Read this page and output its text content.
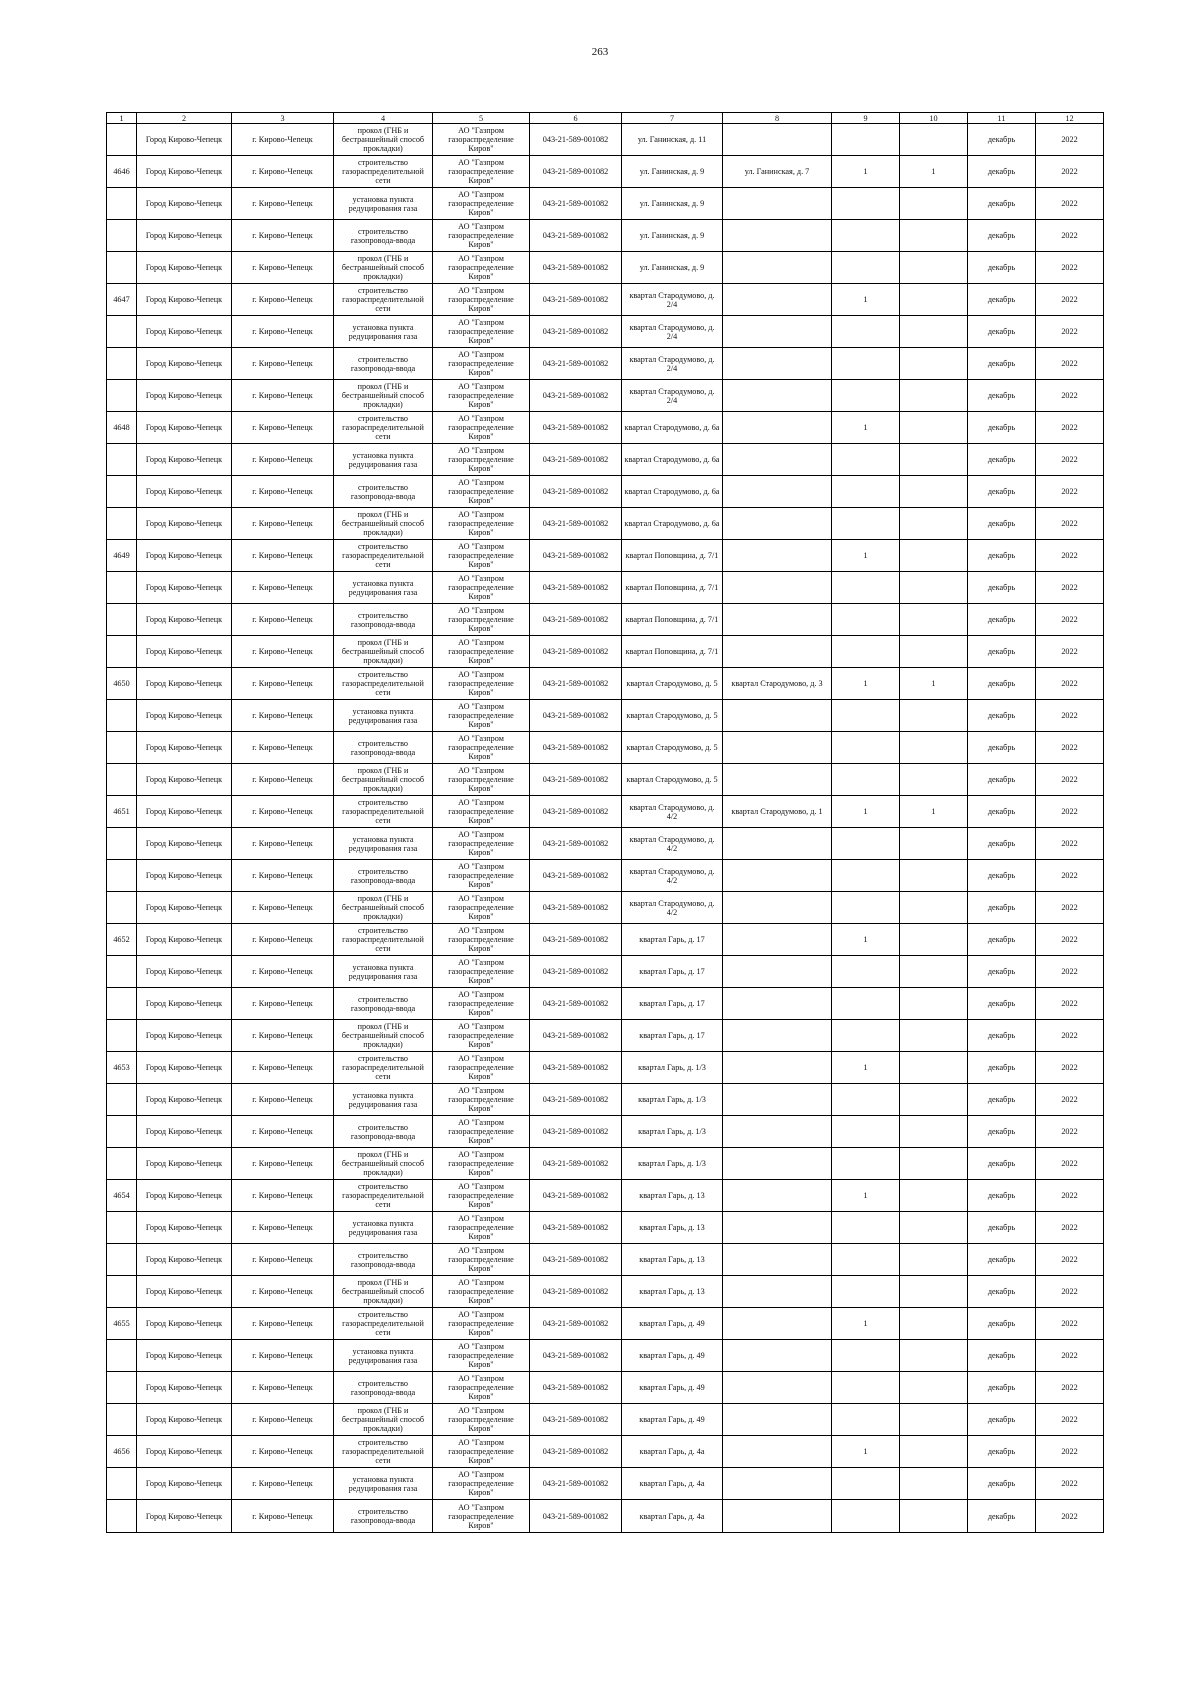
263
1	2	3	4	5	6	7	8	9	10	11	12
	Город Кирово-Чепецк	г. Кирово-Чепецк	прокол (ГНБ и бестраншейный способ прокладки)	АО "Газпром газораспределение Киров"	043-21-589-001082	ул. Ганинская, д. 11				декабрь	2022
4646	Город Кирово-Чепецк	г. Кирово-Чепецк	строительство газораспределительной сети	АО "Газпром газораспределение Киров"	043-21-589-001082	ул. Ганинская, д. 9	ул. Ганинская, д. 7	1	1	декабрь	2022
	Город Кирово-Чепецк	г. Кирово-Чепецк	установка пункта редуцирования газа	АО "Газпром газораспределение Киров"	043-21-589-001082	ул. Ганинская, д. 9				декабрь	2022
	Город Кирово-Чепецк	г. Кирово-Чепецк	строительство газопровода-ввода	АО "Газпром газораспределение Киров"	043-21-589-001082	ул. Ганинская, д. 9				декабрь	2022
	Город Кирово-Чепецк	г. Кирово-Чепецк	прокол (ГНБ и бестраншейный способ прокладки)	АО "Газпром газораспределение Киров"	043-21-589-001082	ул. Ганинская, д. 9				декабрь	2022
4647	Город Кирово-Чепецк	г. Кирово-Чепецк	строительство газораспределительной сети	АО "Газпром газораспределение Киров"	043-21-589-001082	квартал Стародумово, д. 2/4		1		декабрь	2022
	Город Кирово-Чепецк	г. Кирово-Чепецк	установка пункта редуцирования газа	АО "Газпром газораспределение Киров"	043-21-589-001082	квартал Стародумово, д. 2/4				декабрь	2022
	Город Кирово-Чепецк	г. Кирово-Чепецк	строительство газопровода-ввода	АО "Газпром газораспределение Киров"	043-21-589-001082	квартал Стародумово, д. 2/4				декабрь	2022
	Город Кирово-Чепецк	г. Кирово-Чепецк	прокол (ГНБ и бестраншейный способ прокладки)	АО "Газпром газораспределение Киров"	043-21-589-001082	квартал Стародумово, д. 2/4				декабрь	2022
4648	Город Кирово-Чепецк	г. Кирово-Чепецк	строительство газораспределительной сети	АО "Газпром газораспределение Киров"	043-21-589-001082	квартал Стародумово, д. 6а		1		декабрь	2022
	Город Кирово-Чепецк	г. Кирово-Чепецк	установка пункта редуцирования газа	АО "Газпром газораспределение Киров"	043-21-589-001082	квартал Стародумово, д. 6а				декабрь	2022
	Город Кирово-Чепецк	г. Кирово-Чепецк	строительство газопровода-ввода	АО "Газпром газораспределение Киров"	043-21-589-001082	квартал Стародумово, д. 6а				декабрь	2022
	Город Кирово-Чепецк	г. Кирово-Чепецк	прокол (ГНБ и бестраншейный способ прокладки)	АО "Газпром газораспределение Киров"	043-21-589-001082	квартал Стародумово, д. 6а				декабрь	2022
4649	Город Кирово-Чепецк	г. Кирово-Чепецк	строительство газораспределительной сети	АО "Газпром газораспределение Киров"	043-21-589-001082	квартал Поповщина, д. 7/1		1		декабрь	2022
	Город Кирово-Чепецк	г. Кирово-Чепецк	установка пункта редуцирования газа	АО "Газпром газораспределение Киров"	043-21-589-001082	квартал Поповщина, д. 7/1				декабрь	2022
	Город Кирово-Чепецк	г. Кирово-Чепецк	строительство газопровода-ввода	АО "Газпром газораспределение Киров"	043-21-589-001082	квартал Поповщина, д. 7/1				декабрь	2022
	Город Кирово-Чепецк	г. Кирово-Чепецк	прокол (ГНБ и бестраншейный способ прокладки)	АО "Газпром газораспределение Киров"	043-21-589-001082	квартал Поповщина, д. 7/1				декабрь	2022
4650	Город Кирово-Чепецк	г. Кирово-Чепецк	строительство газораспределительной сети	АО "Газпром газораспределение Киров"	043-21-589-001082	квартал Стародумово, д. 5	квартал Стародумово, д. 3	1	1	декабрь	2022
	Город Кирово-Чепецк	г. Кирово-Чепецк	установка пункта редуцирования газа	АО "Газпром газораспределение Киров"	043-21-589-001082	квартал Стародумово, д. 5				декабрь	2022
	Город Кирово-Чепецк	г. Кирово-Чепецк	строительство газопровода-ввода	АО "Газпром газораспределение Киров"	043-21-589-001082	квартал Стародумово, д. 5				декабрь	2022
	Город Кирово-Чепецк	г. Кирово-Чепецк	прокол (ГНБ и бестраншейный способ прокладки)	АО "Газпром газораспределение Киров"	043-21-589-001082	квартал Стародумово, д. 5				декабрь	2022
4651	Город Кирово-Чепецк	г. Кирово-Чепецк	строительство газораспределительной сети	АО "Газпром газораспределение Киров"	043-21-589-001082	квартал Стародумово, д. 4/2	квартал Стародумово, д. 1	1	1	декабрь	2022
	Город Кирово-Чепецк	г. Кирово-Чепецк	установка пункта редуцирования газа	АО "Газпром газораспределение Киров"	043-21-589-001082	квартал Стародумово, д. 4/2				декабрь	2022
	Город Кирово-Чепецк	г. Кирово-Чепецк	строительство газопровода-ввода	АО "Газпром газораспределение Киров"	043-21-589-001082	квартал Стародумово, д. 4/2				декабрь	2022
	Город Кирово-Чепецк	г. Кирово-Чепецк	прокол (ГНБ и бестраншейный способ прокладки)	АО "Газпром газораспределение Киров"	043-21-589-001082	квартал Стародумово, д. 4/2				декабрь	2022
4652	Город Кирово-Чепецк	г. Кирово-Чепецк	строительство газораспределительной сети	АО "Газпром газораспределение Киров"	043-21-589-001082	квартал Гарь, д. 17		1		декабрь	2022
	Город Кирово-Чепецк	г. Кирово-Чепецк	установка пункта редуцирования газа	АО "Газпром газораспределение Киров"	043-21-589-001082	квартал Гарь, д. 17				декабрь	2022
	Город Кирово-Чепецк	г. Кирово-Чепецк	строительство газопровода-ввода	АО "Газпром газораспределение Киров"	043-21-589-001082	квартал Гарь, д. 17				декабрь	2022
	Город Кирово-Чепецк	г. Кирово-Чепецк	прокол (ГНБ и бестраншейный способ прокладки)	АО "Газпром газораспределение Киров"	043-21-589-001082	квартал Гарь, д. 17				декабрь	2022
4653	Город Кирово-Чепецк	г. Кирово-Чепецк	строительство газораспределительной сети	АО "Газпром газораспределение Киров"	043-21-589-001082	квартал Гарь, д. 1/3		1		декабрь	2022
	Город Кирово-Чепецк	г. Кирово-Чепецк	установка пункта редуцирования газа	АО "Газпром газораспределение Киров"	043-21-589-001082	квартал Гарь, д. 1/3				декабрь	2022
	Город Кирово-Чепецк	г. Кирово-Чепецк	строительство газопровода-ввода	АО "Газпром газораспределение Киров"	043-21-589-001082	квартал Гарь, д. 1/3				декабрь	2022
	Город Кирово-Чепецк	г. Кирово-Чепецк	прокол (ГНБ и бестраншейный способ прокладки)	АО "Газпром газораспределение Киров"	043-21-589-001082	квартал Гарь, д. 1/3				декабрь	2022
4654	Город Кирово-Чепецк	г. Кирово-Чепецк	строительство газораспределительной сети	АО "Газпром газораспределение Киров"	043-21-589-001082	квартал Гарь, д. 13		1		декабрь	2022
	Город Кирово-Чепецк	г. Кирово-Чепецк	установка пункта редуцирования газа	АО "Газпром газораспределение Киров"	043-21-589-001082	квартал Гарь, д. 13				декабрь	2022
	Город Кирово-Чепецк	г. Кирово-Чепецк	строительство газопровода-ввода	АО "Газпром газораспределение Киров"	043-21-589-001082	квартал Гарь, д. 13				декабрь	2022
	Город Кирово-Чепецк	г. Кирово-Чепецк	прокол (ГНБ и бестраншейный способ прокладки)	АО "Газпром газораспределение Киров"	043-21-589-001082	квартал Гарь, д. 13				декабрь	2022
4655	Город Кирово-Чепецк	г. Кирово-Чепецк	строительство газораспределительной сети	АО "Газпром газораспределение Киров"	043-21-589-001082	квартал Гарь, д. 49		1		декабрь	2022
	Город Кирово-Чепецк	г. Кирово-Чепецк	установка пункта редуцирования газа	АО "Газпром газораспределение Киров"	043-21-589-001082	квартал Гарь, д. 49				декабрь	2022
	Город Кирово-Чепецк	г. Кирово-Чепецк	строительство газопровода-ввода	АО "Газпром газораспределение Киров"	043-21-589-001082	квартал Гарь, д. 49				декабрь	2022
	Город Кирово-Чепецк	г. Кирово-Чепецк	прокол (ГНБ и бестраншейный способ прокладки)	АО "Газпром газораспределение Киров"	043-21-589-001082	квартал Гарь, д. 49				декабрь	2022
4656	Город Кирово-Чепецк	г. Кирово-Чепецк	строительство газораспределительной сети	АО "Газпром газораспределение Киров"	043-21-589-001082	квартал Гарь, д. 4а		1		декабрь	2022
	Город Кирово-Чепецк	г. Кирово-Чепецк	установка пункта редуцирования газа	АО "Газпром газораспределение Киров"	043-21-589-001082	квартал Гарь, д. 4а				декабрь	2022
	Город Кирово-Чепецк	г. Кирово-Чепецк	строительство газопровода-ввода	АО "Газпром газораспределение Киров"	043-21-589-001082	квартал Гарь, д. 4а				декабрь	2022
